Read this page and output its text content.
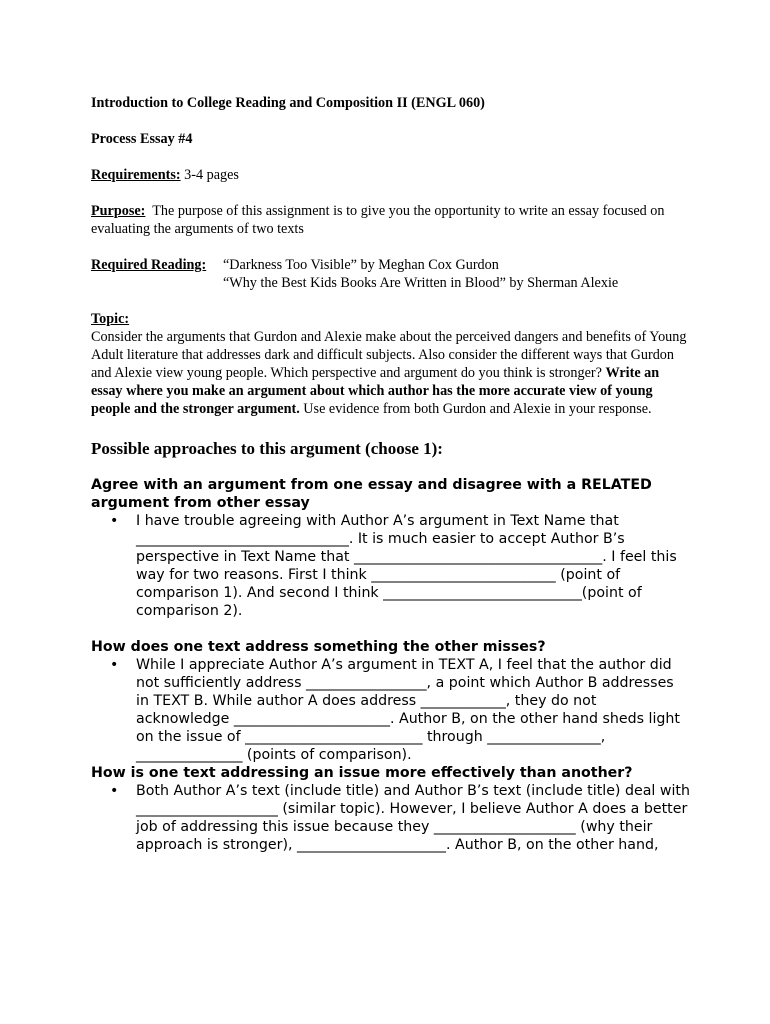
Introduction to College Reading and Composition II (ENGL 060)

Process Essay #4

Requirements: 3-4 pages

Purpose: The purpose of this assignment is to give you the opportunity to write an essay focused on evaluating the arguments of two texts

Required Reading:	“Darkness Too Visible” by Meghan Cox Gurdon
“Why the Best Kids Books Are Written in Blood” by Sherman Alexie
Topic:

Consider the arguments that Gurdon and Alexie make about the perceived dangers and benefits of Young Adult literature that addresses dark and difficult subjects. Also consider the different ways that Gurdon and Alexie view young people. Which perspective and argument do you think is stronger? Write an essay where you make an argument about which author has the more accurate view of young people and the stronger argument. Use evidence from both Gurdon and Alexie in your response.

Possible approaches to this argument (choose 1):

Agree with an argument from one essay and disagree with a RELATED argument from other essay

•	I have trouble agreeing with Author A’s argument in Text Name that ______________________________. It is much easier to accept Author B’s perspective in Text Name that ___________________________________. I feel this way for two reasons. First I think __________________________ (point of comparison 1). And second I think ____________________________(point of comparison 2).

How does one text address something the other misses?

•	While I appreciate Author A’s argument in TEXT A, I feel that the author did not sufficiently address _________________, a point which Author B addresses in TEXT B. While author A does address ____________, they do not acknowledge ______________________. Author B, on the other hand sheds light on the issue of _________________________ through ________________, _______________ (points of comparison).

How is one text addressing an issue more effectively than another?

•	Both Author A’s text (include title) and Author B’s text (include title) deal with ____________________ (similar topic). However, I believe Author A does a better job of addressing this issue because they ____________________ (why their approach is stronger), _____________________. Author B, on the other hand,
